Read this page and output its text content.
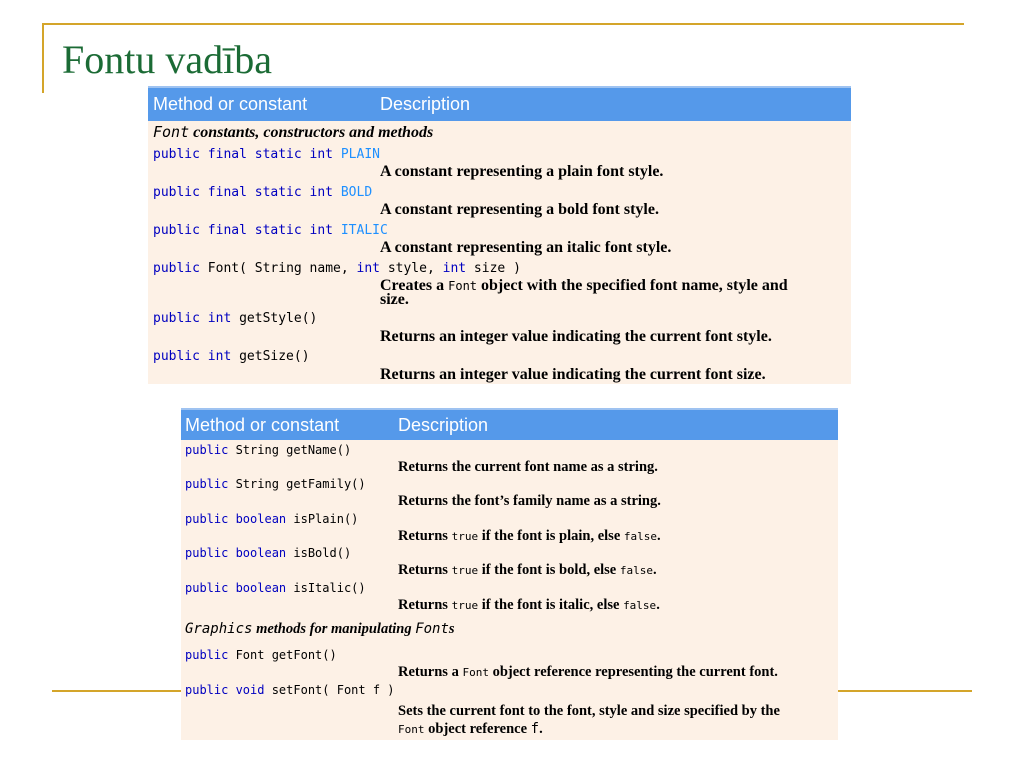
Fontu vadība
Method or constant	Description
Font constants, constructors and methods
public final static int PLAIN
A constant representing a plain font style.
public final static int BOLD
A constant representing a bold font style.
public final static int ITALIC
A constant representing an italic font style.
public Font( String name, int style, int size )
Creates a Font object with the specified font name, style and
size.
public int getStyle()
Returns an integer value indicating the current font style.
public int getSize()
Returns an integer value indicating the current font size.
Method or constant	Description
public String getName()
Returns the current font name as a string.
public String getFamily()
Returns the font’s family name as a string.
public boolean isPlain()
Returns true if the font is plain, else false.
public boolean isBold()
Returns true if the font is bold, else false.
public boolean isItalic()
Returns true if the font is italic, else false.
Graphics methods for manipulating Fonts
public Font getFont()
Returns a Font object reference representing the current font.
public void setFont( Font f )
Sets the current font to the font, style and size specified by the
Font object reference f.
